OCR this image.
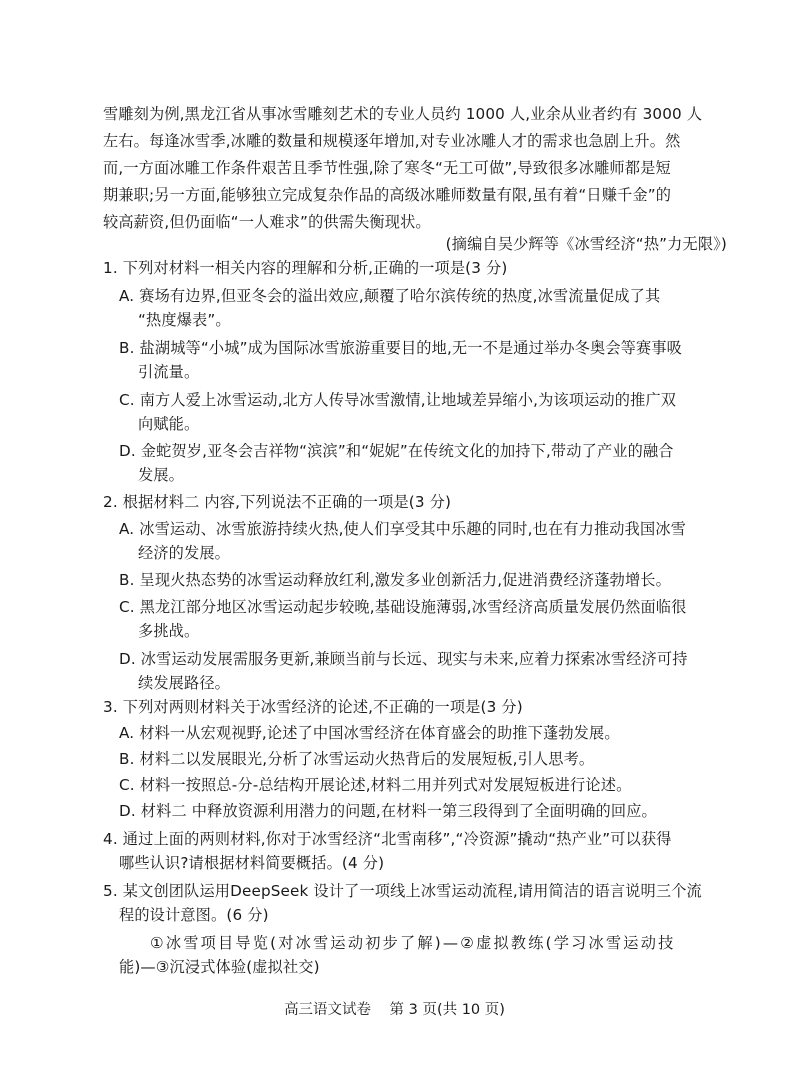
雪雕刻为例,黑龙江省从事冰雪雕刻艺术的专业人员约 1000 人,业余从业者约有 3000 人
左右。每逢冰雪季,冰雕的数量和规模逐年增加,对专业冰雕人才的需求也急剧上升。然
而,一方面冰雕工作条件艰苦且季节性强,除了寒冬“无工可做”,导致很多冰雕师都是短
期兼职;另一方面,能够独立完成复杂作品的高级冰雕师数量有限,虽有着“日赚千金”的
较高薪资,但仍面临“一人难求”的供需失衡现状。
(摘编自吴少辉等《冰雪经济“热”力无限》)
1. 下列对材料一相关内容的理解和分析,正确的一项是(3 分)
A. 赛场有边界,但亚冬会的溢出效应,颠覆了哈尔滨传统的热度,冰雪流量促成了其
“热度爆表”。
B. 盐湖城等“小城”成为国际冰雪旅游重要目的地,无一不是通过举办冬奥会等赛事吸
引流量。
C. 南方人爱上冰雪运动,北方人传导冰雪激情,让地域差异缩小,为该项运动的推广双
向赋能。
D. 金蛇贺岁,亚冬会吉祥物“滨滨”和“妮妮”在传统文化的加持下,带动了产业的融合
发展。
2. 根据材料二 内容,下列说法不正确的一项是(3 分)
A. 冰雪运动、冰雪旅游持续火热,使人们享受其中乐趣的同时,也在有力推动我国冰雪
经济的发展。
B. 呈现火热态势的冰雪运动释放红利,激发多业创新活力,促进消费经济蓬勃增长。
C. 黑龙江部分地区冰雪运动起步较晚,基础设施薄弱,冰雪经济高质量发展仍然面临很
多挑战。
D. 冰雪运动发展需服务更新,兼顾当前与长远、现实与未来,应着力探索冰雪经济可持
续发展路径。
3. 下列对两则材料关于冰雪经济的论述,不正确的一项是(3 分)
A. 材料一从宏观视野,论述了中国冰雪经济在体育盛会的助推下蓬勃发展。
B. 材料二以发展眼光,分析了冰雪运动火热背后的发展短板,引人思考。
C. 材料一按照总-分-总结构开展论述,材料二用并列式对发展短板进行论述。
D. 材料二 中释放资源利用潜力的问题,在材料一第三段得到了全面明确的回应。
4. 通过上面的两则材料,你对于冰雪经济“北雪南移”,“冷资源”撬动“热产业”可以获得
哪些认识?请根据材料简要概括。(4 分)
5. 某文创团队运用DeepSeek 设计了一项线上冰雪运动流程,请用简洁的语言说明三个流
程的设计意图。(6 分)
①冰雪项目导览(对冰雪运动初步了解)—②虚拟教练(学习冰雪运动技
能)—③沉浸式体验(虚拟社交)
高三语文试卷    第 3 页(共 10 页)
